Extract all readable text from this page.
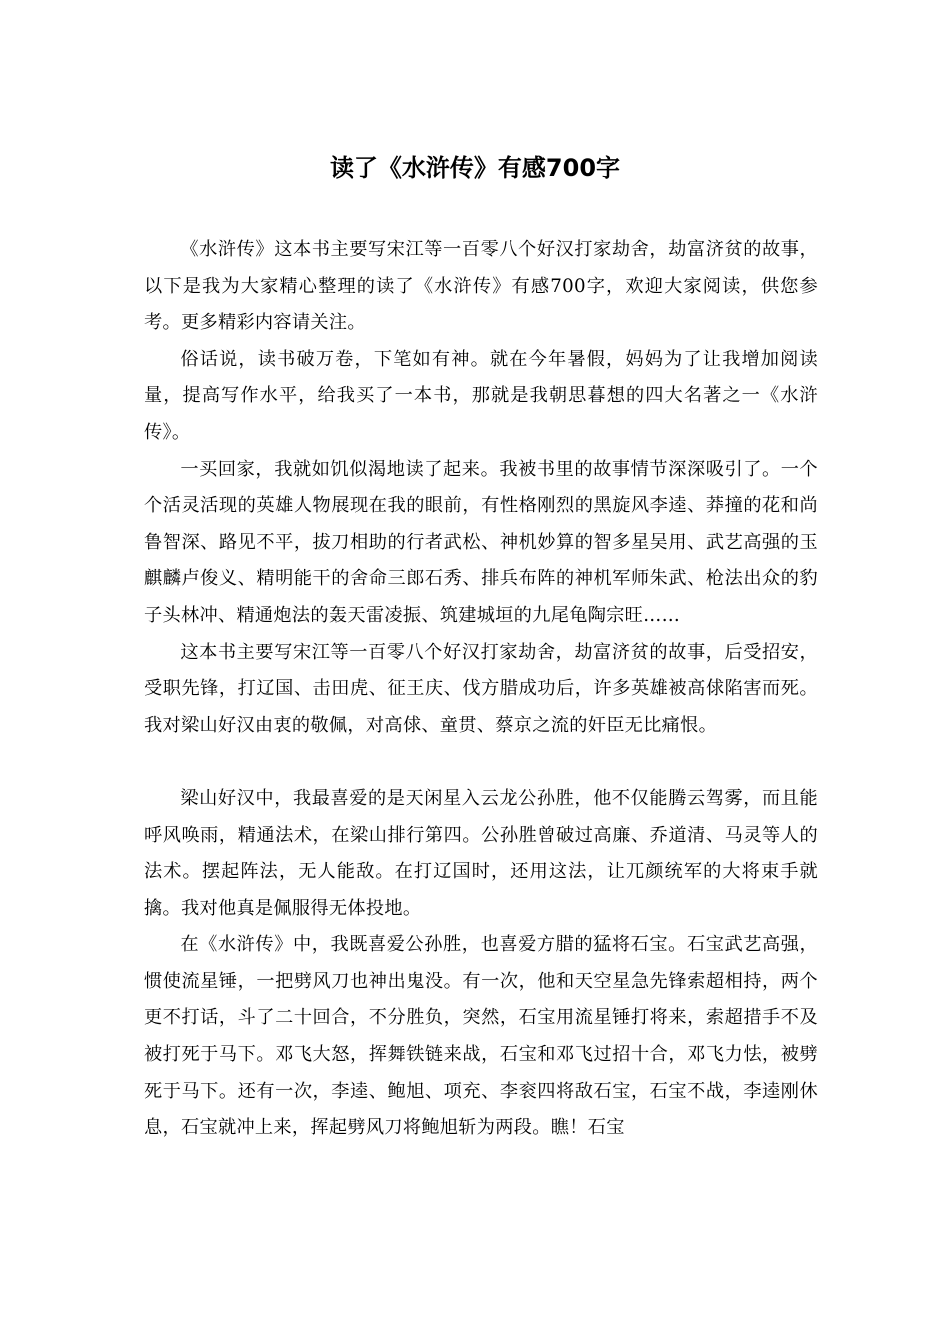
读了《水浒传》有感700字

《水浒传》这本书主要写宋江等一百零八个好汉打家劫舍，劫富济贫的故事，以下是我为大家精心整理的读了《水浒传》有感700字，欢迎大家阅读，供您参考。更多精彩内容请关注。

俗话说，读书破万卷，下笔如有神。就在今年暑假，妈妈为了让我增加阅读量，提高写作水平，给我买了一本书，那就是我朝思暮想的四大名著之一《水浒传》。

一买回家，我就如饥似渴地读了起来。我被书里的故事情节深深吸引了。一个个活灵活现的英雄人物展现在我的眼前，有性格刚烈的黑旋风李逵、莽撞的花和尚鲁智深、路见不平，拔刀相助的行者武松、神机妙算的智多星吴用、武艺高强的玉麒麟卢俊义、精明能干的舍命三郎石秀、排兵布阵的神机军师朱武、枪法出众的豹子头林冲、精通炮法的轰天雷凌振、筑建城垣的九尾龟陶宗旺……

这本书主要写宋江等一百零八个好汉打家劫舍，劫富济贫的故事，后受招安，受职先锋，打辽国、击田虎、征王庆、伐方腊成功后，许多英雄被高俅陷害而死。我对梁山好汉由衷的敬佩，对高俅、童贯、蔡京之流的奸臣无比痛恨。

梁山好汉中，我最喜爱的是天闲星入云龙公孙胜，他不仅能腾云驾雾，而且能呼风唤雨，精通法术，在梁山排行第四。公孙胜曾破过高廉、乔道清、马灵等人的法术。摆起阵法，无人能敌。在打辽国时，还用这法，让兀颜统军的大将束手就擒。我对他真是佩服得无体投地。

在《水浒传》中，我既喜爱公孙胜，也喜爱方腊的猛将石宝。石宝武艺高强，惯使流星锤，一把劈风刀也神出鬼没。有一次，他和天空星急先锋索超相持，两个更不打话，斗了二十回合，不分胜负，突然，石宝用流星锤打将来，索超措手不及被打死于马下。邓飞大怒，挥舞铁链来战，石宝和邓飞过招十合，邓飞力怯，被劈死于马下。还有一次，李逵、鲍旭、项充、李衮四将敌石宝，石宝不战，李逵刚休息，石宝就冲上来，挥起劈风刀将鲍旭斩为两段。瞧！石宝
